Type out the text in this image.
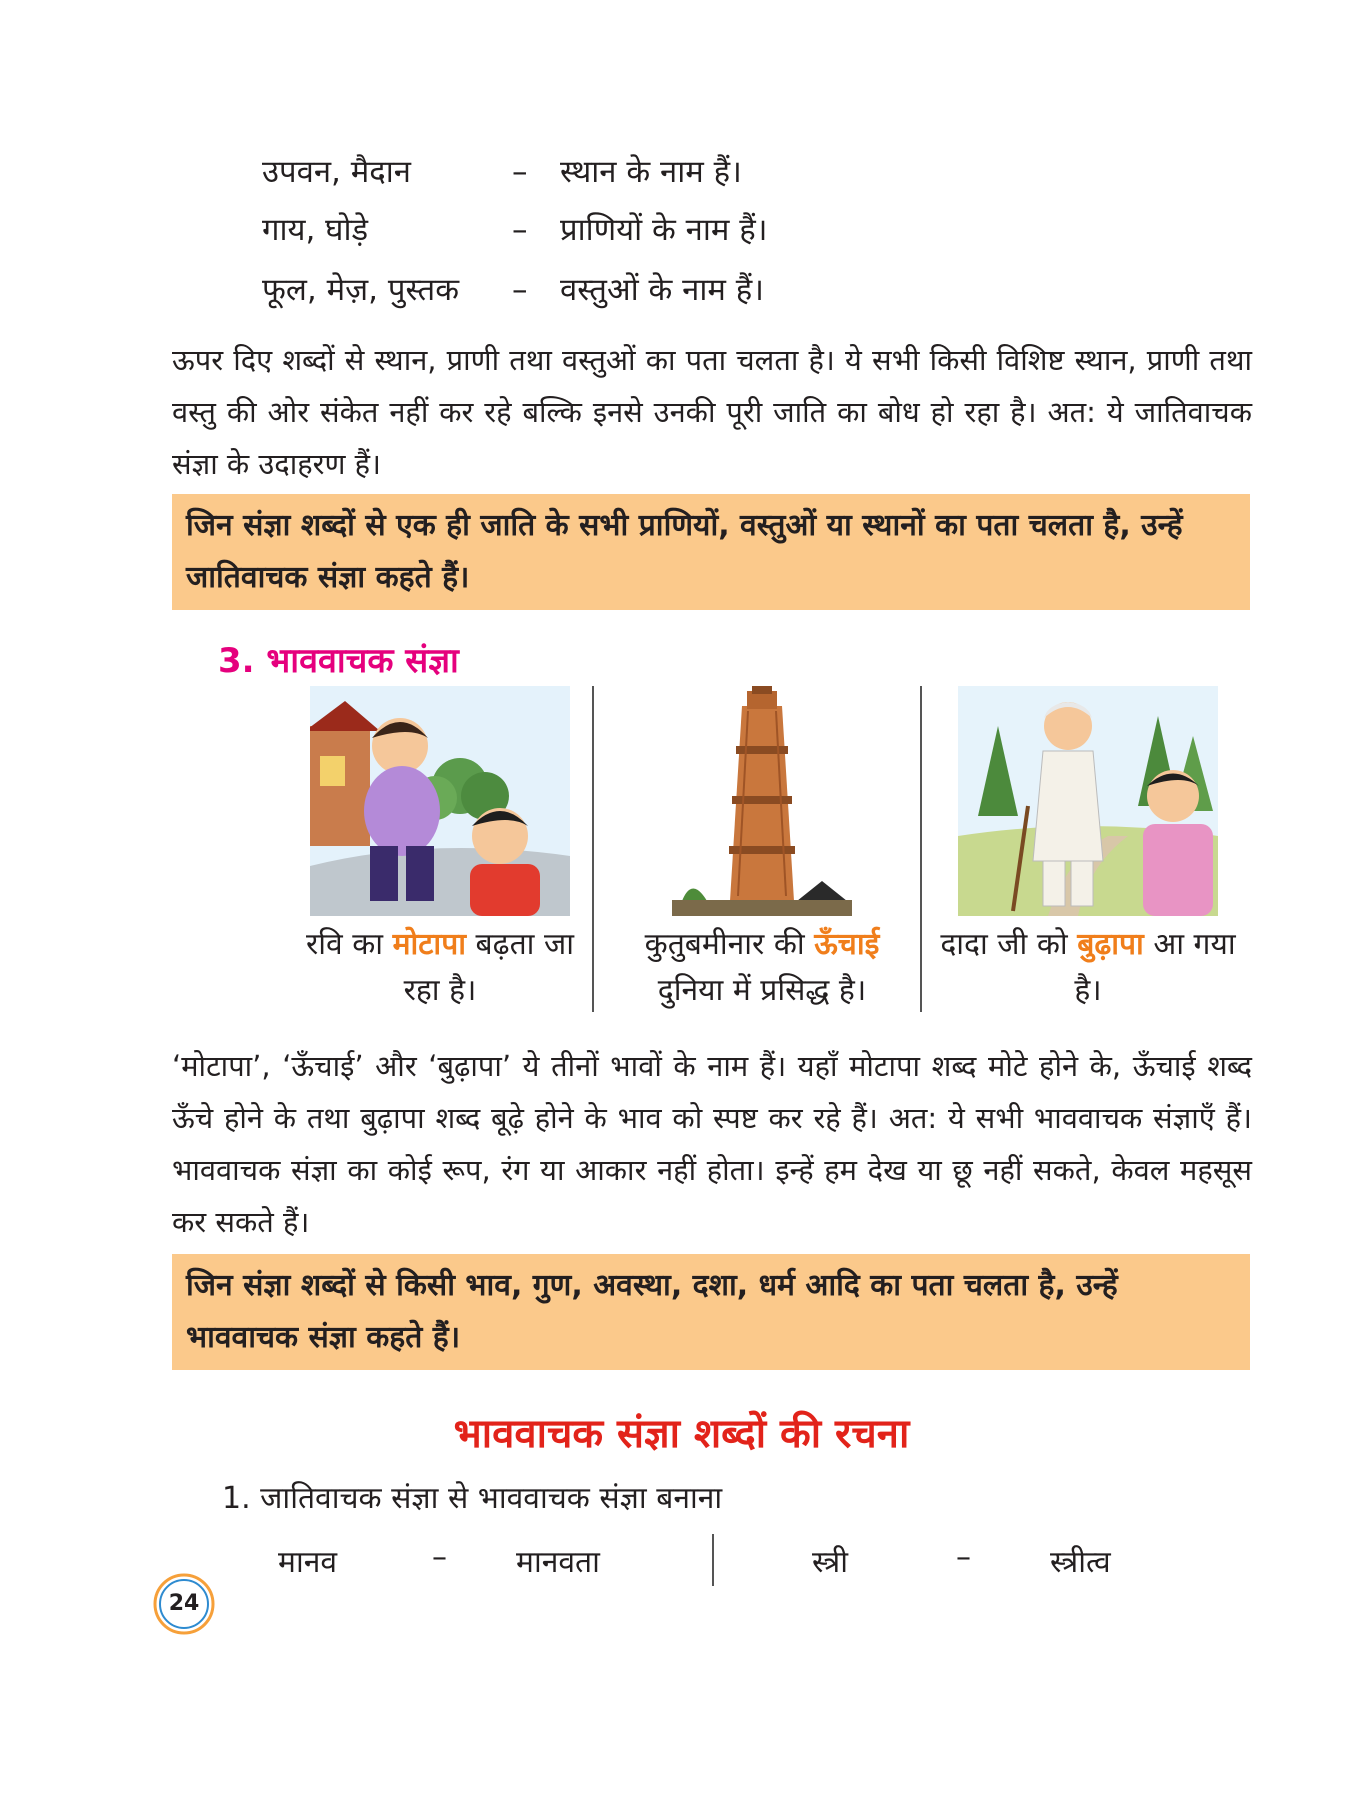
उपवन, मैदान	– स्थान के नाम हैं।
गाय, घोड़े	– प्राणियों के नाम हैं।
फूल, मेज़, पुस्तक – वस्तुओं के नाम हैं।
ऊपर दिए शब्दों से स्थान, प्राणी तथा वस्तुओं का पता चलता है। ये सभी किसी विशिष्ट स्थान, प्राणी तथा वस्तु की ओर संकेत नहीं कर रहे बल्कि इनसे उनकी पूरी जाति का बोध हो रहा है। अत: ये जातिवाचक संज्ञा के उदाहरण हैं।
जिन संज्ञा शब्दों से एक ही जाति के सभी प्राणियों, वस्तुओं या स्थानों का पता चलता है, उन्हें जातिवाचक संज्ञा कहते हैं।
3. भाववाचक संज्ञा
रवि का मोटापा बढ़ता जा रहा है।
कुतुबमीनार की ऊँचाई दुनिया में प्रसिद्ध है।
दादा जी को बुढ़ापा आ गया है।
‘मोटापा’, ‘ऊँचाई’ और ‘बुढ़ापा’ ये तीनों भावों के नाम हैं। यहाँ मोटापा शब्द मोटे होने के, ऊँचाई शब्द ऊँचे होने के तथा बुढ़ापा शब्द बूढ़े होने के भाव को स्पष्ट कर रहे हैं। अत: ये सभी भाववाचक संज्ञाएँ हैं। भाववाचक संज्ञा का कोई रूप, रंग या आकार नहीं होता। इन्हें हम देख या छू नहीं सकते, केवल महसूस कर सकते हैं।
जिन संज्ञा शब्दों से किसी भाव, गुण, अवस्था, दशा, धर्म आदि का पता चलता है, उन्हें भाववाचक संज्ञा कहते हैं।
भाववाचक संज्ञा शब्दों की रचना
1. जातिवाचक संज्ञा से भाववाचक संज्ञा बनाना
मानव	– मानवता	स्त्री	–	स्त्रीत्व
24
